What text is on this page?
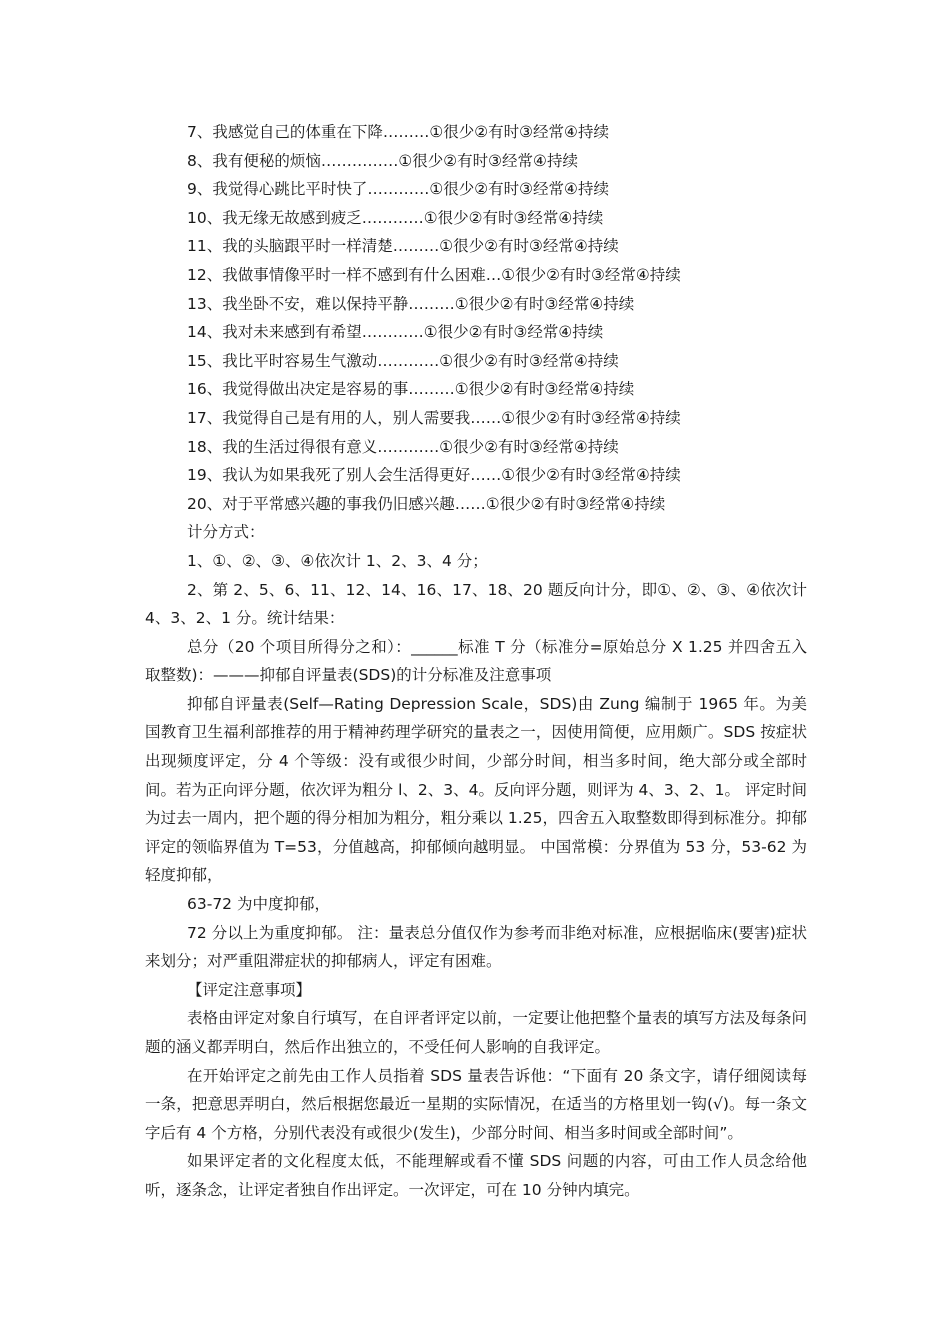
7、我感觉自己的体重在下降………①很少②有时③经常④持续
8、我有便秘的烦恼……………①很少②有时③经常④持续
9、我觉得心跳比平时快了…………①很少②有时③经常④持续
10、我无缘无故感到疲乏…………①很少②有时③经常④持续
11、我的头脑跟平时一样清楚………①很少②有时③经常④持续
12、我做事情像平时一样不感到有什么困难…①很少②有时③经常④持续
13、我坐卧不安，难以保持平静………①很少②有时③经常④持续
14、我对未来感到有希望…………①很少②有时③经常④持续
15、我比平时容易生气激动…………①很少②有时③经常④持续
16、我觉得做出决定是容易的事………①很少②有时③经常④持续
17、我觉得自己是有用的人，别人需要我……①很少②有时③经常④持续
18、我的生活过得很有意义…………①很少②有时③经常④持续
19、我认为如果我死了别人会生活得更好……①很少②有时③经常④持续
20、对于平常感兴趣的事我仍旧感兴趣……①很少②有时③经常④持续
计分方式：
1、①、②、③、④依次计 1、2、3、4 分；

2、第 2、5、6、11、12、14、16、17、18、20 题反向计分，即①、②、③、④依次计 4、3、2、1 分。统计结果：

总分（20 个项目所得分之和）：______标准 T 分（标准分=原始总分 X 1.25 并四舍五入取整数)：———抑郁自评量表(SDS)的计分标准及注意事项

抑郁自评量表(Self—Rating Depression Scale，SDS)由 Zung 编制于 1965 年。为美国教育卫生福利部推荐的用于精神药理学研究的量表之一，因使用简便，应用颇广。SDS 按症状出现频度评定，分 4 个等级：没有或很少时间，少部分时间，相当多时间，绝大部分或全部时间。若为正向评分题，依次评为粗分 l、2、3、4。反向评分题，则评为 4、3、2、1。 评定时间为过去一周内，把个题的得分相加为粗分，粗分乘以 1.25，四舍五入取整数即得到标准分。抑郁评定的领临界值为 T=53，分值越高，抑郁倾向越明显。 中国常模：分界值为 53 分，53-62 为轻度抑郁，

63-72 为中度抑郁，

72 分以上为重度抑郁。 注：量表总分值仅作为参考而非绝对标准，应根据临床(要害)症状来划分；对严重阻滞症状的抑郁病人，评定有困难。

【评定注意事项】

表格由评定对象自行填写，在自评者评定以前，一定要让他把整个量表的填写方法及每条问题的涵义都弄明白，然后作出独立的，不受任何人影响的自我评定。

在开始评定之前先由工作人员指着 SDS 量表告诉他：“下面有 20 条文字，请仔细阅读每一条，把意思弄明白，然后根据您最近一星期的实际情况，在适当的方格里划一钩(√)。每一条文字后有 4 个方格，分别代表没有或很少(发生)，少部分时间、相当多时间或全部时间”。

如果评定者的文化程度太低，不能理解或看不懂 SDS 问题的内容，可由工作人员念给他听，逐条念，让评定者独自作出评定。一次评定，可在 10 分钟内填完。
